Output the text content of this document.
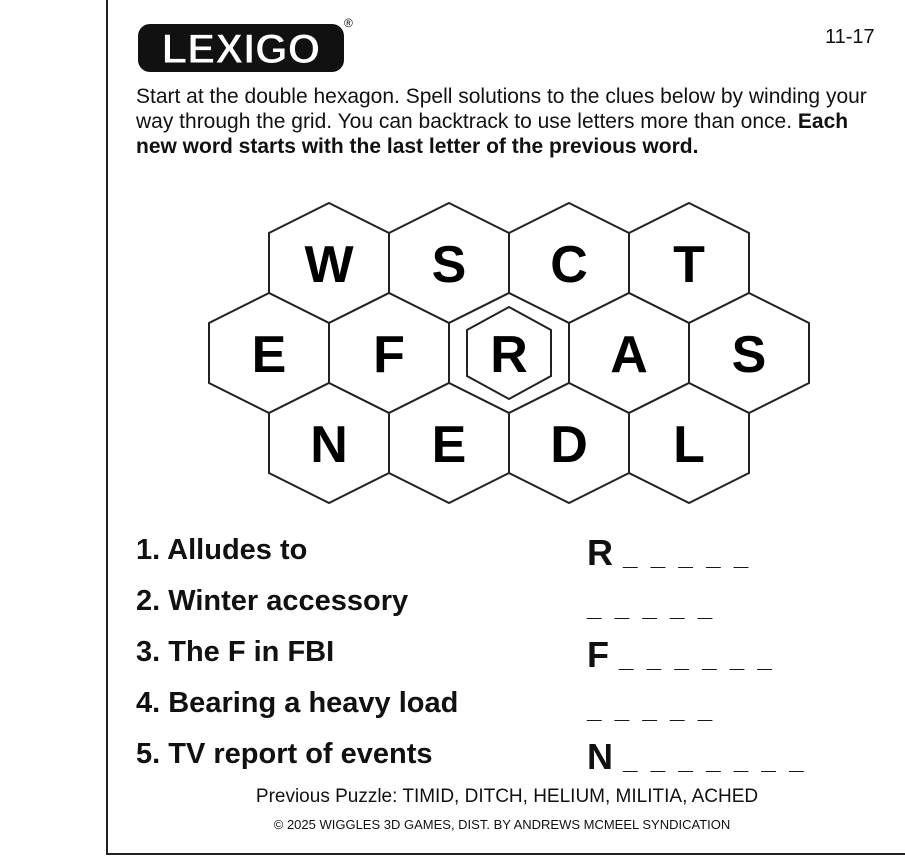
LEXIGO
®
11-17

Start at the double hexagon. Spell solutions to the clues below by winding your way through the grid. You can backtrack to use letters more than once. Each new word starts with the last letter of the previous word.

W S C T
E F R A S
N E D L
1. Alludes to	R _ _ _ _ _
2. Winter accessory	_ _ _ _ _
3. The F in FBI	F _ _ _ _ _ _
4. Bearing a heavy load	_ _ _ _ _
5. TV report of events	N _ _ _ _ _ _ _
Previous Puzzle: TIMID, DITCH, HELIUM, MILITIA, ACHED
© 2025 WIGGLES 3D GAMES, DIST. BY ANDREWS MCMEEL SYNDICATION
